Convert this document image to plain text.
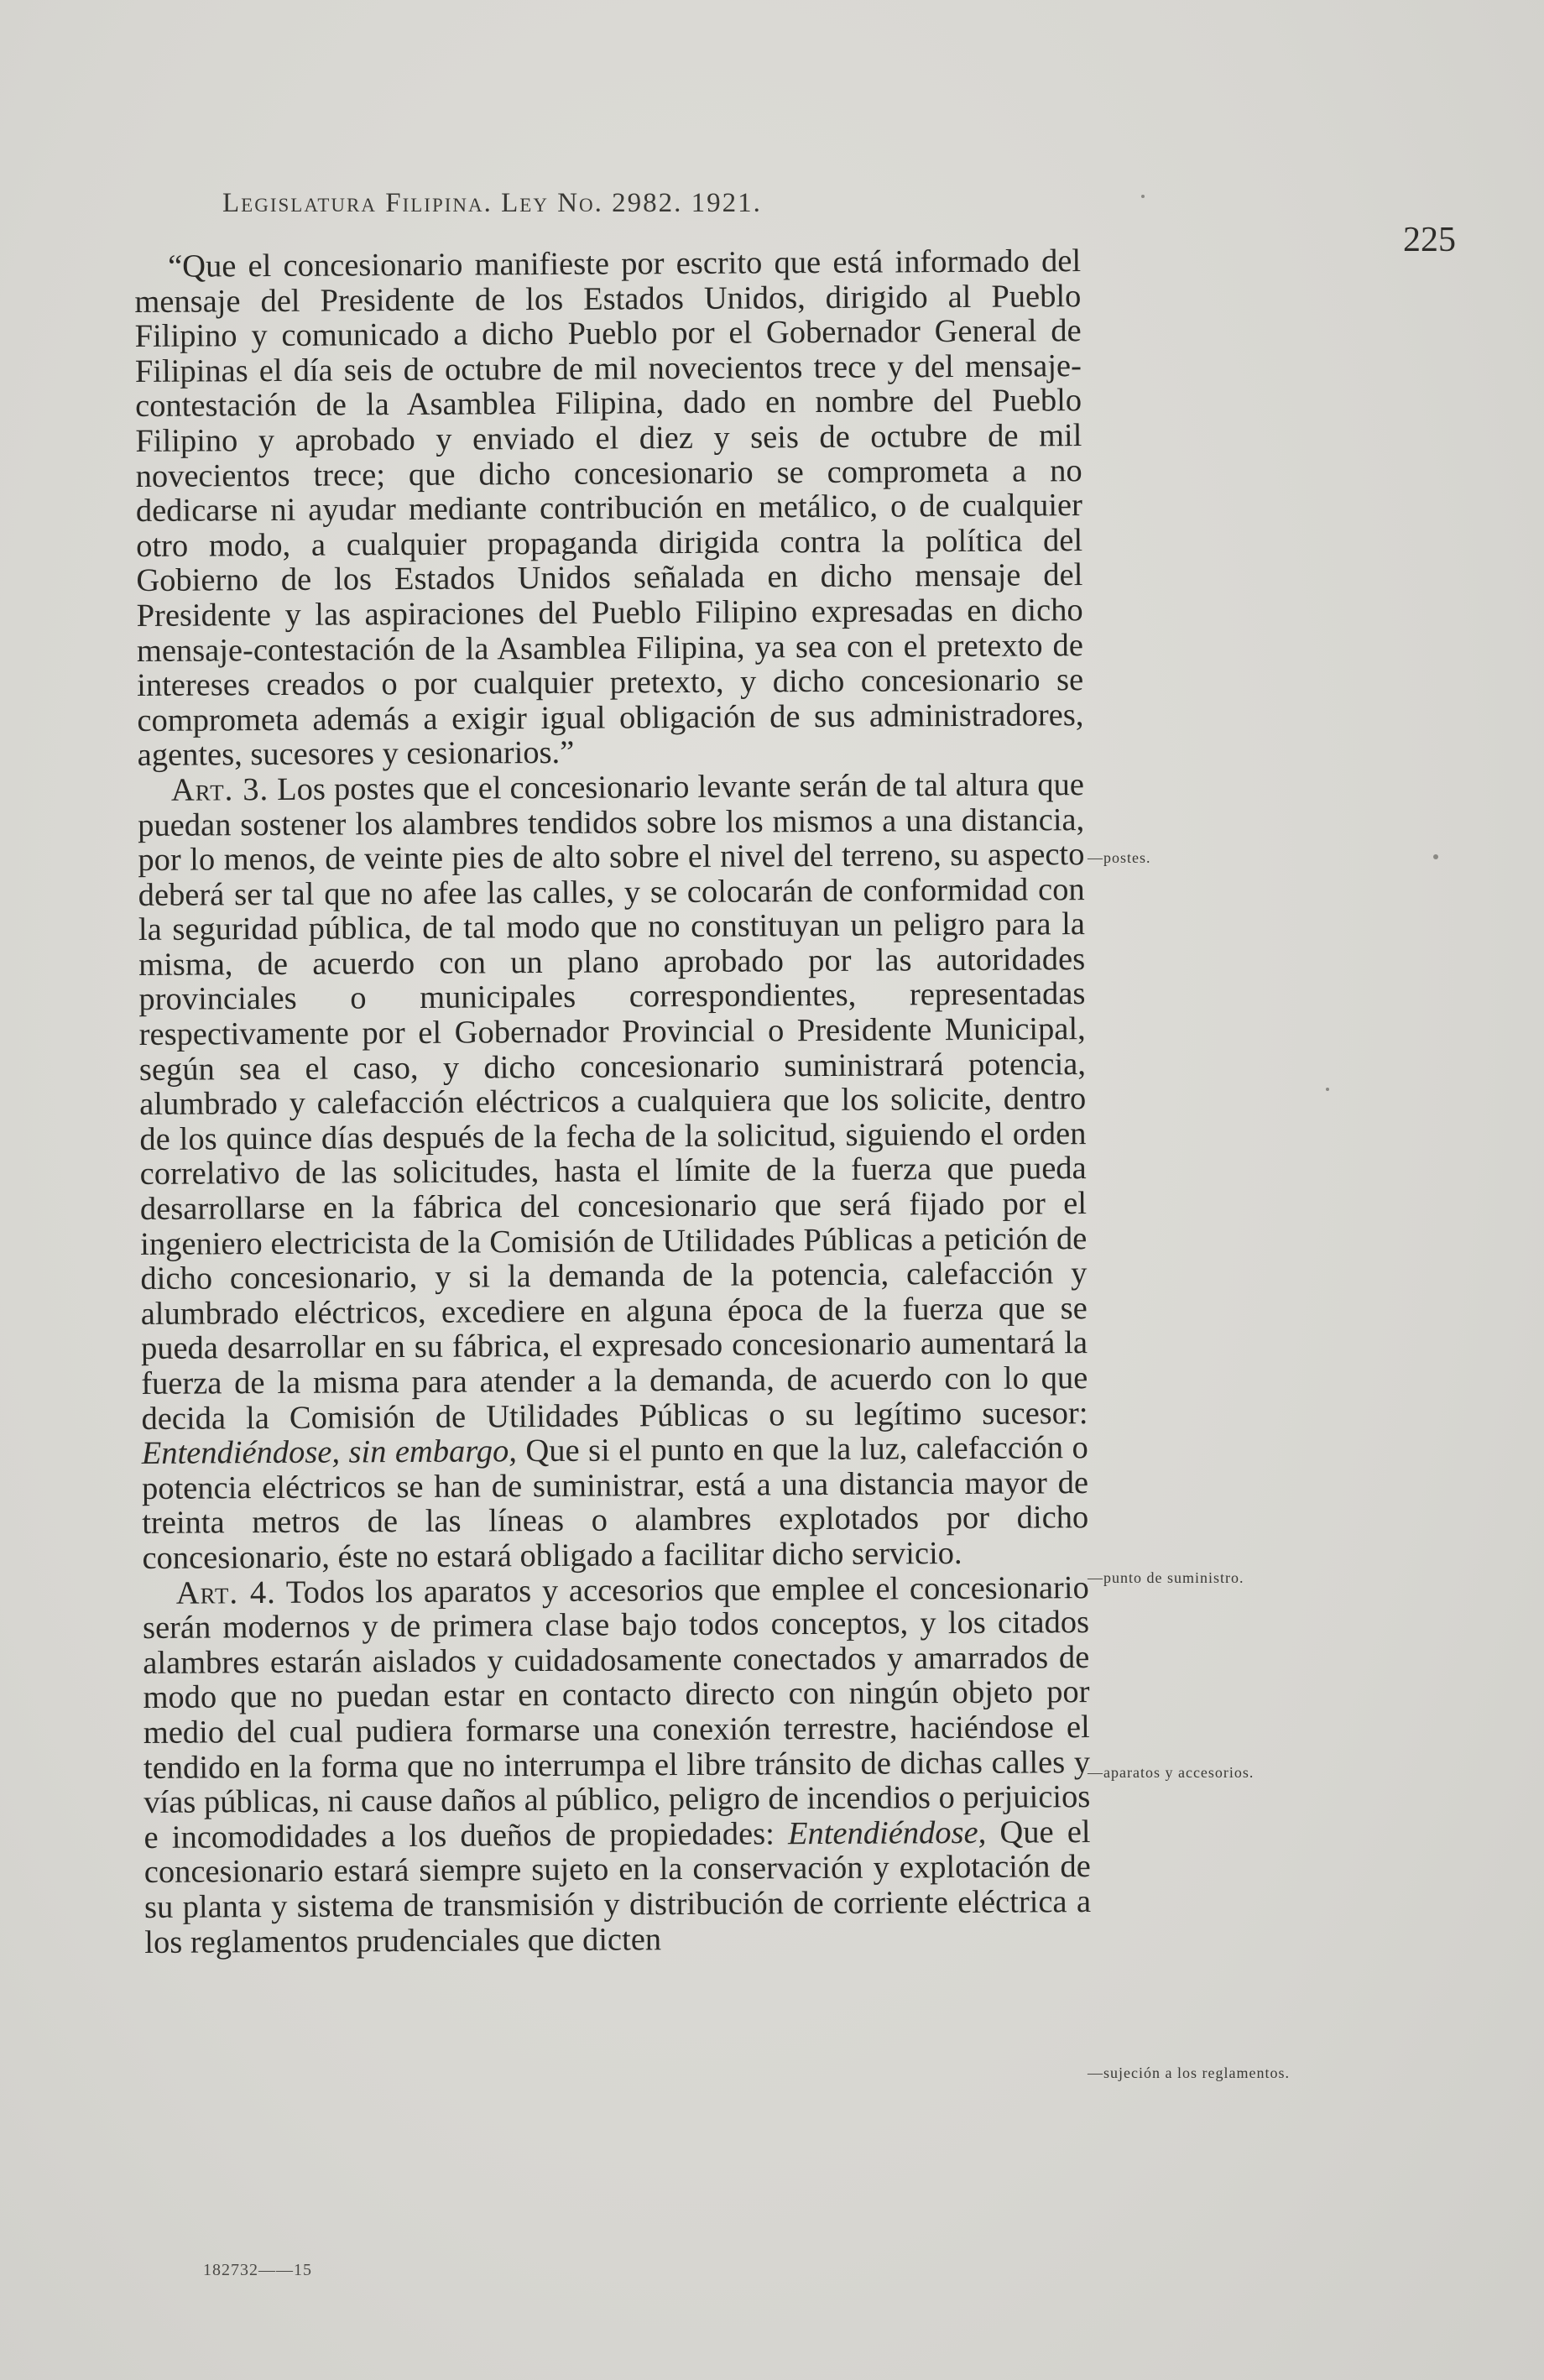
Legislatura Filipina. Ley No. 2982. 1921.
225

“Que el concesionario manifieste por escrito que está informado del mensaje del Presidente de los Estados Unidos, dirigido al Pueblo Filipino y comunicado a dicho Pueblo por el Gobernador General de Filipinas el día seis de octubre de mil novecientos trece y del mensaje-contestación de la Asamblea Filipina, dado en nombre del Pueblo Filipino y aprobado y enviado el diez y seis de octubre de mil novecientos trece; que dicho concesionario se comprometa a no dedicarse ni ayudar mediante contribución en metálico, o de cualquier otro modo, a cualquier propaganda dirigida contra la política del Gobierno de los Estados Unidos señalada en dicho mensaje del Presidente y las aspiraciones del Pueblo Filipino expresadas en dicho mensaje-contestación de la Asamblea Filipina, ya sea con el pretexto de intereses creados o por cualquier pretexto, y dicho concesionario se comprometa además a exigir igual obligación de sus administradores, agentes, sucesores y cesionarios.”

Art. 3. Los postes que el concesionario levante serán de tal altura que puedan sostener los alambres tendidos sobre los mismos a una distancia, por lo menos, de veinte pies de alto sobre el nivel del terreno, su aspecto deberá ser tal que no afee las calles, y se colocarán de conformidad con la seguridad pública, de tal modo que no constituyan un peligro para la misma, de acuerdo con un plano aprobado por las autoridades provinciales o municipales correspondientes, representadas respectivamente por el Gobernador Provincial o Presidente Municipal, según sea el caso, y dicho concesionario suministrará potencia, alumbrado y calefacción eléctricos a cualquiera que los solicite, dentro de los quince días después de la fecha de la solicitud, siguiendo el orden correlativo de las solicitudes, hasta el límite de la fuerza que pueda desarrollarse en la fábrica del concesionario que será fijado por el ingeniero electricista de la Comisión de Utilidades Públicas a petición de dicho concesionario, y si la demanda de la potencia, calefacción y alumbrado eléctricos, excediere en alguna época de la fuerza que se pueda desarrollar en su fábrica, el expresado concesionario aumentará la fuerza de la misma para atender a la demanda, de acuerdo con lo que decida la Comisión de Utilidades Públicas o su legítimo sucesor: Entendiéndose, sin embargo, Que si el punto en que la luz, calefacción o potencia eléctricos se han de suministrar, está a una distancia mayor de treinta metros de las líneas o alambres explotados por dicho concesionario, éste no estará obligado a facilitar dicho servicio.

Art. 4. Todos los aparatos y accesorios que emplee el concesionario serán modernos y de primera clase bajo todos conceptos, y los citados alambres estarán aislados y cuidadosamente conectados y amarrados de modo que no puedan estar en contacto directo con ningún objeto por medio del cual pudiera formarse una conexión terrestre, haciéndose el tendido en la forma que no interrumpa el libre tránsito de dichas calles y vías públicas, ni cause daños al público, peligro de incendios o perjuicios e incomodidades a los dueños de propiedades: Entendiéndose, Que el concesionario estará siempre sujeto en la conservación y explotación de su planta y sistema de transmisión y distribución de corriente eléctrica a los reglamentos prudenciales que dicten

—postes.
—punto de suministro.
—aparatos y accesorios.
—sujeción a los reglamentos.
182732——15
